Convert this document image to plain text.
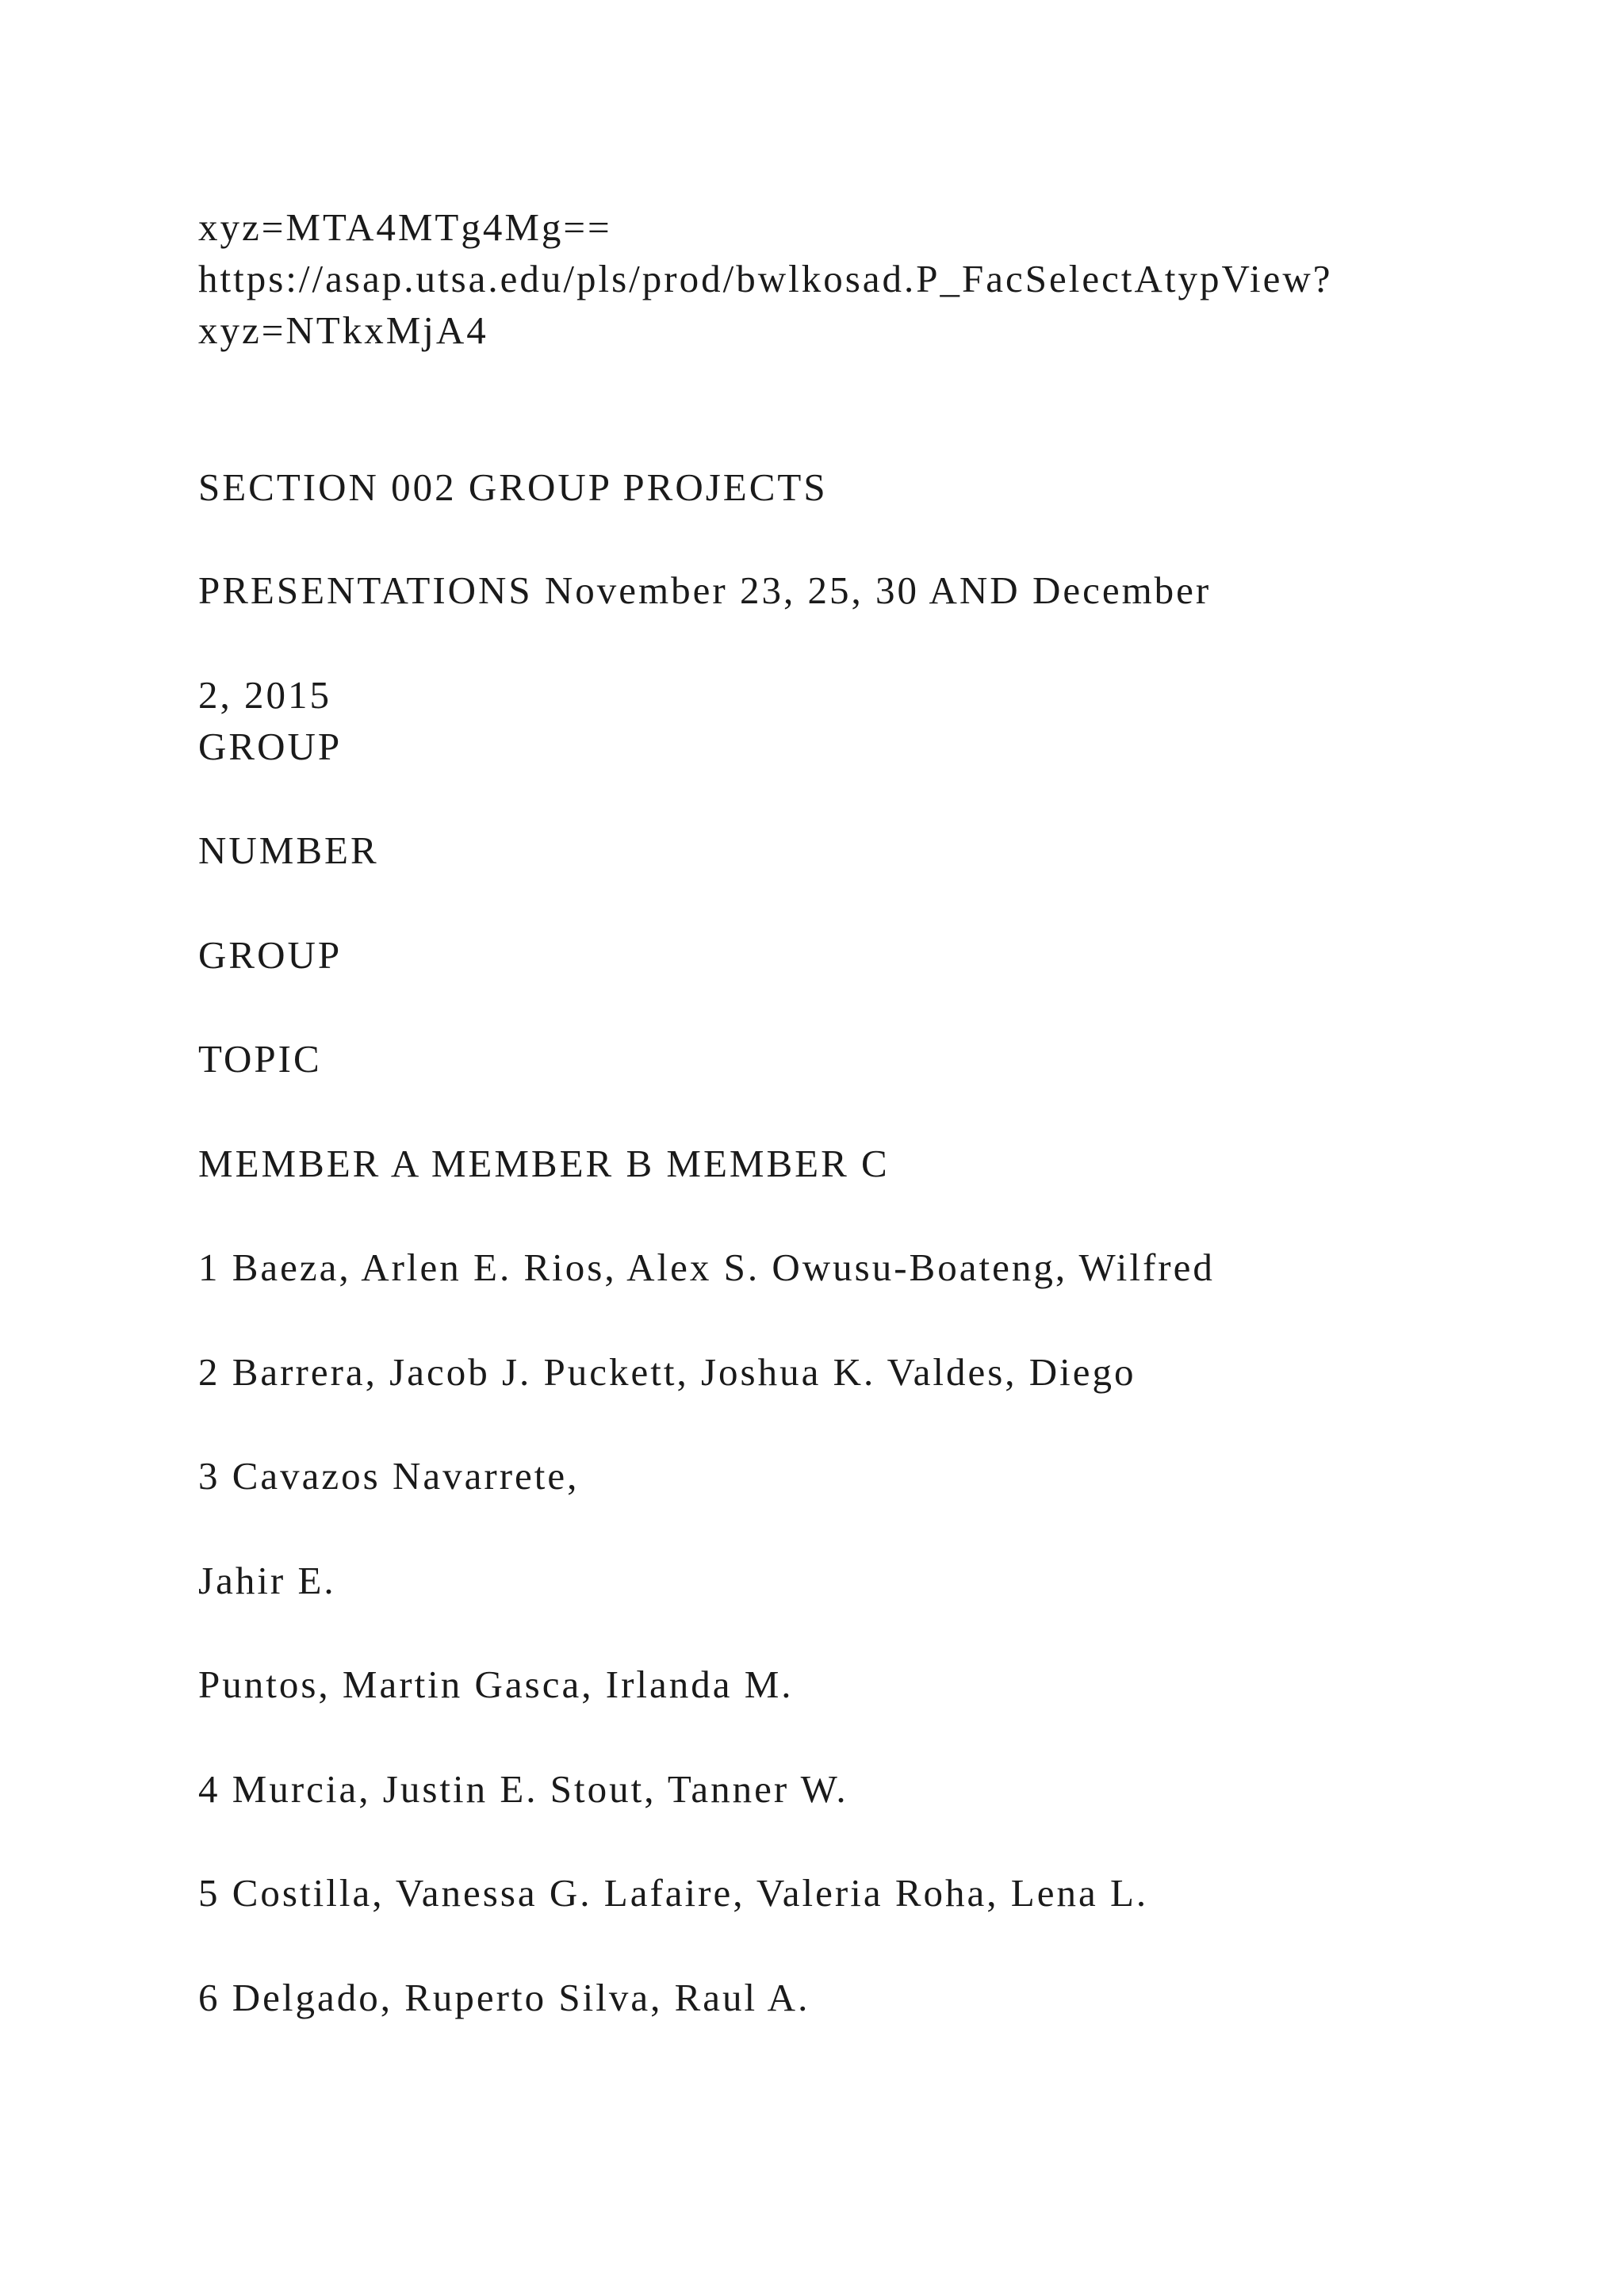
xyz=MTA4MTg4Mg==
https://asap.utsa.edu/pls/prod/bwlkosad.P_FacSelectAtypView?
xyz=NTkxMjA4
SECTION 002 GROUP PROJECTS
PRESENTATIONS November 23, 25, 30 AND December
2, 2015
GROUP
NUMBER
GROUP
TOPIC
MEMBER A MEMBER B MEMBER C
1 Baeza, Arlen E. Rios, Alex S. Owusu-Boateng, Wilfred
2 Barrera, Jacob J. Puckett, Joshua K. Valdes, Diego
3 Cavazos Navarrete,
Jahir E.
Puntos, Martin Gasca, Irlanda M.
4 Murcia, Justin E. Stout, Tanner W.
5 Costilla, Vanessa G. Lafaire, Valeria Roha, Lena L.
6 Delgado, Ruperto Silva, Raul A.
